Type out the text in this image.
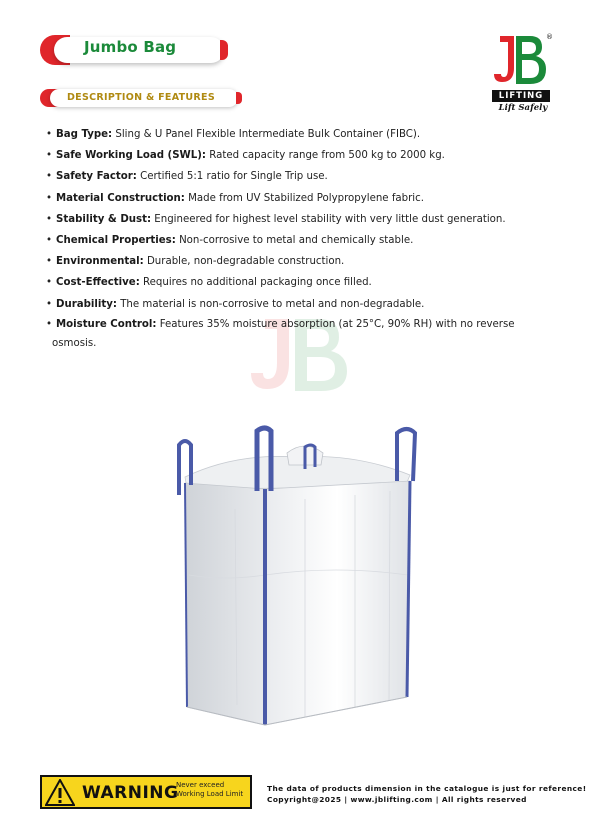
Jumbo Bag
®
LIFTING
Lift Safely
DESCRIPTION & FEATURES
• Bag Type: Sling & U Panel Flexible Intermediate Bulk Container (FIBC).
• Safe Working Load (SWL): Rated capacity range from 500 kg to 2000 kg.
• Safety Factor: Certified 5:1 ratio for Single Trip use.
• Material Construction: Made from UV Stabilized Polypropylene fabric.
• Stability & Dust: Engineered for highest level stability with very little dust generation.
• Chemical Properties: Non-corrosive to metal and chemically stable.
• Environmental: Durable, non-degradable construction.
• Cost-Effective: Requires no additional packaging once filled.
• Durability: The material is non-corrosive to metal and non-degradable.
• Moisture Control: Features 35% moisture absorption (at 25°C, 90% RH) with no reverse
osmosis.
WARNING
Never exceed Working Load Limit
The data of products dimension in the catalogue is just for reference!
Copyright@2025 | www.jblifting.com | All rights reserved
